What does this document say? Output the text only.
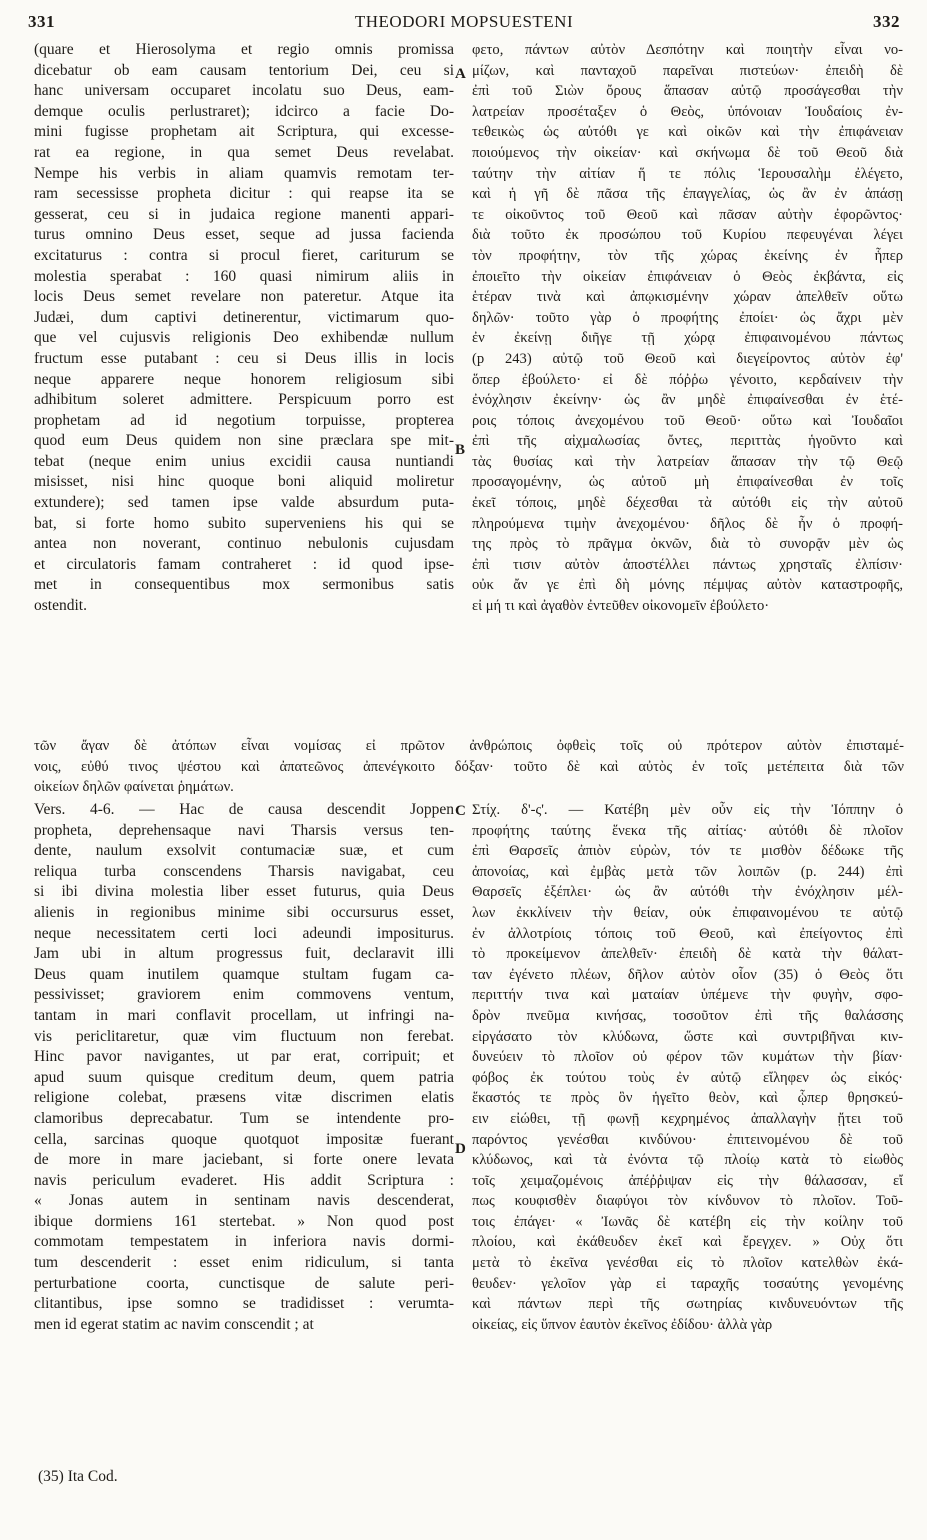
331	THEODORI MOPSUESTENI	332
(quare et Hierosolyma et regio omnis promissa
dicebatur ob eam causam tentorium Dei, ceu si
hanc universam occuparet incolatu suo Deus, eam-
demque oculis perlustraret); idcirco a facie Do-
mini fugisse prophetam ait Scriptura, qui excesse-
rat ea regione, in qua semet Deus revelabat.
Nempe his verbis in aliam quamvis remotam ter-
ram secessisse propheta dicitur : qui reapse ita se
gesserat, ceu si in judaica regione manenti appari-
turus omnino Deus esset, seque ad jussa facienda
excitaturus : contra si procul fieret, cariturum se
molestia sperabat : 160 quasi nimirum aliis in
locis Deus semet revelare non pateretur. Atque ita
Judæi, dum captivi detinerentur, victimarum quo-
que vel cujusvis religionis Deo exhibendæ nullum
fructum esse putabant : ceu si Deus illis in locis
neque apparere neque honorem religiosum sibi
adhibitum soleret admittere. Perspicuum porro est
prophetam ad id negotium torpuisse, propterea
quod eum Deus quidem non sine præclara spe mit-
tebat (neque enim unius excidii causa nuntiandi
misisset, nisi hinc quoque boni aliquid moliretur
extundere); sed tamen ipse valde absurdum puta-
bat, si forte homo subito superveniens his qui se
antea non noverant, continuo nebulonis cujusdam
et circulatoris famam contraheret : id quod ipse-
met in consequentibus mox sermonibus satis
ostendit.
φετο, πάντων αὐτὸν Δεσπότην καὶ ποιητὴν εἶναι νο-
μίζων, καὶ πανταχοῦ παρεῖναι πιστεύων· ἐπειδὴ δὲ
ἐπὶ τοῦ Σιὼν ὄρους ἅπασαν αὐτῷ προσάγεσθαι τὴν
λατρείαν προσέταξεν ὁ Θεὸς, ὑπόνοιαν Ἰουδαίοις ἐν-
τεθεικὼς ὡς αὐτόθι γε καὶ οἰκῶν καὶ τὴν ἐπιφάνειαν
ποιούμενος τὴν οἰκείαν· καὶ σκήνωμα δὲ τοῦ Θεοῦ διὰ
ταύτην τὴν αἰτίαν ἥ τε πόλις Ἱερουσαλὴμ ἐλέγετο,
καὶ ἡ γῆ δὲ πᾶσα τῆς ἐπαγγελίας, ὡς ἂν ἐν ἁπάσῃ
τε οἰκοῦντος τοῦ Θεοῦ καὶ πᾶσαν αὐτὴν ἐφορῶντος·
διὰ τοῦτο ἐκ προσώπου τοῦ Κυρίου πεφευγέναι λέγει
τὸν προφήτην, τὸν τῆς χώρας ἐκείνης ἐν ἧπερ
ἐποιεῖτο τὴν οἰκείαν ἐπιφάνειαν ὁ Θεὸς ἐκβάντα, εἰς
ἑτέραν τινὰ καὶ ἀπῳκισμένην χώραν ἀπελθεῖν οὕτω
δηλῶν· τοῦτο γὰρ ὁ προφήτης ἐποίει· ὡς ἄχρι μὲν
ἐν ἐκείνῃ διῆγε τῇ χώρᾳ ἐπιφαινομένου πάντως
(p 243) αὐτῷ τοῦ Θεοῦ καὶ διεγείροντος αὐτὸν ἐφ'
ὅπερ ἐβούλετο· εἰ δὲ πόῤῥω γένοιτο, κερδαίνειν τὴν
ἐνόχλησιν ἐκείνην· ὡς ἂν μηδὲ ἐπιφαίνεσθαι ἐν ἑτέ-
ροις τόποις ἀνεχομένου τοῦ Θεοῦ· οὕτω καὶ Ἰουδαῖοι
ἐπὶ τῆς αἰχμαλωσίας ὄντες, περιττὰς ἡγοῦντο καὶ
τὰς θυσίας καὶ τὴν λατρείαν ἅπασαν τὴν τῷ Θεῷ
προσαγομένην, ὡς αὐτοῦ μὴ ἐπιφαίνεσθαι ἐν τοῖς
ἐκεῖ τόποις, μηδὲ δέχεσθαι τὰ αὐτόθι εἰς τὴν αὐτοῦ
πληρούμενα τιμὴν ἀνεχομένου· δῆλος δὲ ἦν ὁ προφή-
της πρὸς τὸ πρᾶγμα ὀκνῶν, διὰ τὸ συνορᾷν μὲν ὡς
ἐπὶ τισιν αὐτὸν ἀποστέλλει πάντως χρησταῖς ἐλπίσιν·
οὐκ ἄν γε ἐπὶ δὴ μόνης πέμψας αὐτὸν καταστροφῆς,
εἰ μή τι καὶ ἀγαθὸν ἐντεῦθεν οἰκονομεῖν ἐβούλετο·
τῶν ἄγαν δὲ ἀτόπων εἶναι νομίσας εἰ πρῶτον ἀνθρώποις ὀφθεὶς τοῖς οὐ πρότερον αὐτὸν ἐπισταμέ-
νοις, εὐθύ τινος ψέστου καὶ ἀπατεῶνος ἀπενέγκοιτο δόξαν· τοῦτο δὲ καὶ αὐτὸς ἐν τοῖς μετέπειτα διὰ τῶν
οἰκείων δηλῶν φαίνεται ῥημάτων.
Vers. 4-6. — Hac de causa descendit Joppen
propheta, deprehensaque navi Tharsis versus ten-
dente, naulum exsolvit contumaciæ suæ, et cum
reliqua turba conscendens Tharsis navigabat, ceu
si ibi divina molestia liber esset futurus, quia Deus
alienis in regionibus minime sibi occursurus esset,
neque necessitatem certi loci adeundi impositurus.
Jam ubi in altum progressus fuit, declaravit illi
Deus quam inutilem quamque stultam fugam ca-
pessivisset; graviorem enim commovens ventum,
tantam in mari conflavit procellam, ut infringi na-
vis periclitaretur, quæ vim fluctuum non ferebat.
Hinc pavor navigantes, ut par erat, corripuit; et
apud suum quisque creditum deum, quem patria
religione colebat, præsens vitæ discrimen elatis
clamoribus deprecabatur. Tum se intendente pro-
cella, sarcinas quoque quotquot impositæ fuerant
de more in mare jaciebant, si forte onere levata
navis periculum evaderet. His addit Scriptura :
« Jonas autem in sentinam navis descenderat,
ibique dormiens 161 stertebat. » Non quod post
commotam tempestatem in inferiora navis dormi-
tum descenderit : esset enim ridiculum, si tanta
perturbatione coorta, cunctisque de salute peri-
clitantibus, ipse somno se tradidisset : verumta-
men id egerat statim ac navim conscendit ; at
Στίχ. δ'-ς'. — Κατέβη μὲν οὖν εἰς τὴν Ἰόππην ὁ
προφήτης ταύτης ἕνεκα τῆς αἰτίας· αὐτόθι δὲ πλοῖον
ἐπὶ Θαρσεῖς ἀπιὸν εὑρὼν, τόν τε μισθὸν δέδωκε τῆς
ἀπονοίας, καὶ ἐμβὰς μετὰ τῶν λοιπῶν (p. 244) ἐπὶ
Θαρσεῖς ἐξέπλει· ὡς ἂν αὐτόθι τὴν ἐνόχλησιν μέλ-
λων ἐκκλίνειν τὴν θείαν, οὐκ ἐπιφαινομένου τε αὐτῷ
ἐν ἀλλοτρίοις τόποις τοῦ Θεοῦ, καὶ ἐπείγοντος ἐπὶ
τὸ προκείμενον ἀπελθεῖν· ἐπειδὴ δὲ κατὰ τὴν θάλατ-
ταν ἐγένετο πλέων, δῆλον αὐτὸν οἷον (35) ὁ Θεὸς ὅτι
περιττήν τινα καὶ ματαίαν ὑπέμενε τὴν φυγὴν, σφο-
δρὸν πνεῦμα κινήσας, τοσοῦτον ἐπὶ τῆς θαλάσσης
εἰργάσατο τὸν κλύδωνα, ὥστε καὶ συντριβῆναι κιν-
δυνεύειν τὸ πλοῖον οὐ φέρον τῶν κυμάτων τὴν βίαν·
φόβος ἐκ τούτου τοὺς ἐν αὐτῷ εἴληφεν ὡς εἰκός·
ἕκαστός τε πρὸς ὃν ἡγεῖτο θεὸν, καὶ ᾧπερ θρησκεύ-
ειν εἰώθει, τῇ φωνῇ κεχρημένος ἀπαλλαγὴν ᾔτει τοῦ
παρόντος γενέσθαι κινδύνου· ἐπιτεινομένου δὲ τοῦ
κλύδωνος, καὶ τὰ ἐνόντα τῷ πλοίῳ κατὰ τὸ εἰωθὸς
τοῖς χειμαζομένοις ἀπέῤῥιψαν εἰς τὴν θάλασσαν, εἴ
πως κουφισθὲν διαφύγοι τὸν κίνδυνον τὸ πλοῖον. Τοῦ-
τοις ἐπάγει· « Ἰωνᾶς δὲ κατέβη εἰς τὴν κοίλην τοῦ
πλοίου, καὶ ἐκάθευδεν ἐκεῖ καὶ ἔρεγχεν. » Οὐχ ὅτι
μετὰ τὸ ἐκεῖνα γενέσθαι εἰς τὸ πλοῖον κατελθὼν ἐκά-
θευδεν· γελοῖον γὰρ εἰ ταραχῆς τοσαύτης γενομένης
καὶ πάντων περὶ τῆς σωτηρίας κινδυνευόντων τῆς
οἰκείας, εἰς ὕπνον ἑαυτὸν ἐκεῖνος ἐδίδου· ἀλλὰ γὰρ
A
B
C
D
(35) Ita Cod.
